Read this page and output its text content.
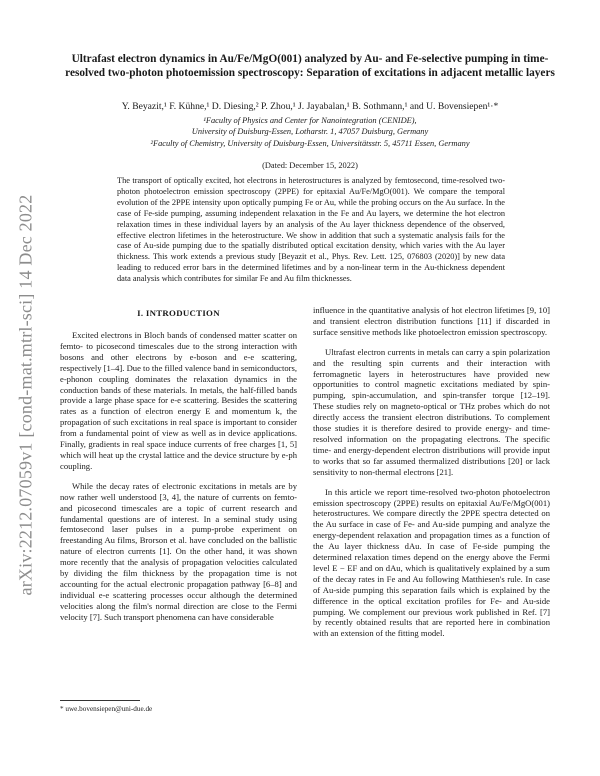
arXiv:2212.07059v1 [cond-mat.mtrl-sci] 14 Dec 2022
Ultrafast electron dynamics in Au/Fe/MgO(001) analyzed by Au- and Fe-selective pumping in time-resolved two-photon photoemission spectroscopy: Separation of excitations in adjacent metallic layers
Y. Beyazit,¹ F. Kühne,¹ D. Diesing,² P. Zhou,¹ J. Jayabalan,¹ B. Sothmann,¹ and U. Bovensiepen¹·*
¹Faculty of Physics and Center for Nanointegration (CENIDE),
University of Duisburg-Essen, Lotharstr. 1, 47057 Duisburg, Germany
²Faculty of Chemistry, University of Duisburg-Essen, Universitätsstr. 5, 45711 Essen, Germany
(Dated: December 15, 2022)

The transport of optically excited, hot electrons in heterostructures is analyzed by femtosecond, time-resolved two-photon photoelectron emission spectroscopy (2PPE) for epitaxial Au/Fe/MgO(001). We compare the temporal evolution of the 2PPE intensity upon optically pumping Fe or Au, while the probing occurs on the Au surface. In the case of Fe-side pumping, assuming independent relaxation in the Fe and Au layers, we determine the hot electron relaxation times in these individual layers by an analysis of the Au layer thickness dependence of the observed, effective electron lifetimes in the heterostructure. We show in addition that such a systematic analysis fails for the case of Au-side pumping due to the spatially distributed optical excitation density, which varies with the Au layer thickness. This work extends a previous study [Beyazit et al., Phys. Rev. Lett. 125, 076803 (2020)] by new data leading to reduced error bars in the determined lifetimes and by a non-linear term in the Au-thickness dependent data analysis which contributes for similar Fe and Au film thicknesses.

I. INTRODUCTION

Excited electrons in Bloch bands of condensed matter scatter on femto- to picosecond timescales due to the strong interaction with bosons and other electrons by e-boson and e-e scattering, respectively [1–4]. Due to the filled valence band in semiconductors, e-phonon coupling dominates the relaxation dynamics in the conduction bands of these materials. In metals, the half-filled bands provide a large phase space for e-e scattering. Besides the scattering rates as a function of electron energy E and momentum k, the propagation of such excitations in real space is important to consider from a fundamental point of view as well as in device applications. Finally, gradients in real space induce currents of free charges [1, 5] which will heat up the crystal lattice and the device structure by e-ph coupling.

While the decay rates of electronic excitations in metals are by now rather well understood [3, 4], the nature of currents on femto- and picosecond timescales are a topic of current research and fundamental questions are of interest. In a seminal study using femtosecond laser pulses in a pump-probe experiment on freestanding Au films, Brorson et al. have concluded on the ballistic nature of electron currents [1]. On the other hand, it was shown more recently that the analysis of propagation velocities calculated by dividing the film thickness by the propagation time is not accounting for the actual electronic propagation pathway [6–8] and individual e-e scattering processes occur although the determined velocities along the film's normal direction are close to the Fermi velocity [7]. Such transport phenomena can have considerable

influence in the quantitative analysis of hot electron lifetimes [9, 10] and transient electron distribution functions [11] if discarded in surface sensitive methods like photoelectron emission spectroscopy.

Ultrafast electron currents in metals can carry a spin polarization and the resulting spin currents and their interaction with ferromagnetic layers in heterostructures have provided new opportunities to control magnetic excitations mediated by spin-pumping, spin-accumulation, and spin-transfer torque [12–19]. These studies rely on magneto-optical or THz probes which do not directly access the transient electron distributions. To complement those studies it is therefore desired to provide energy- and time-resolved information on the propagating electrons. The specific time- and energy-dependent electron distributions will provide input to works that so far assumed thermalized distributions [20] or lack sensitivity to non-thermal electrons [21].

In this article we report time-resolved two-photon photoelectron emission spectroscopy (2PPE) results on epitaxial Au/Fe/MgO(001) heterostructures. We compare directly the 2PPE spectra detected on the Au surface in case of Fe- and Au-side pumping and analyze the energy-dependent relaxation and propagation times as a function of the Au layer thickness dAu. In case of Fe-side pumping the determined relaxation times depend on the energy above the Fermi level E − EF and on dAu, which is qualitatively explained by a sum of the decay rates in Fe and Au following Matthiesen's rule. In case of Au-side pumping this separation fails which is explained by the difference in the optical excitation profiles for Fe- and Au-side pumping. We complement our previous work published in Ref. [7] by recently obtained results that are reported here in combination with an extension of the fitting model.

* uwe.bovensiepen@uni-due.de
